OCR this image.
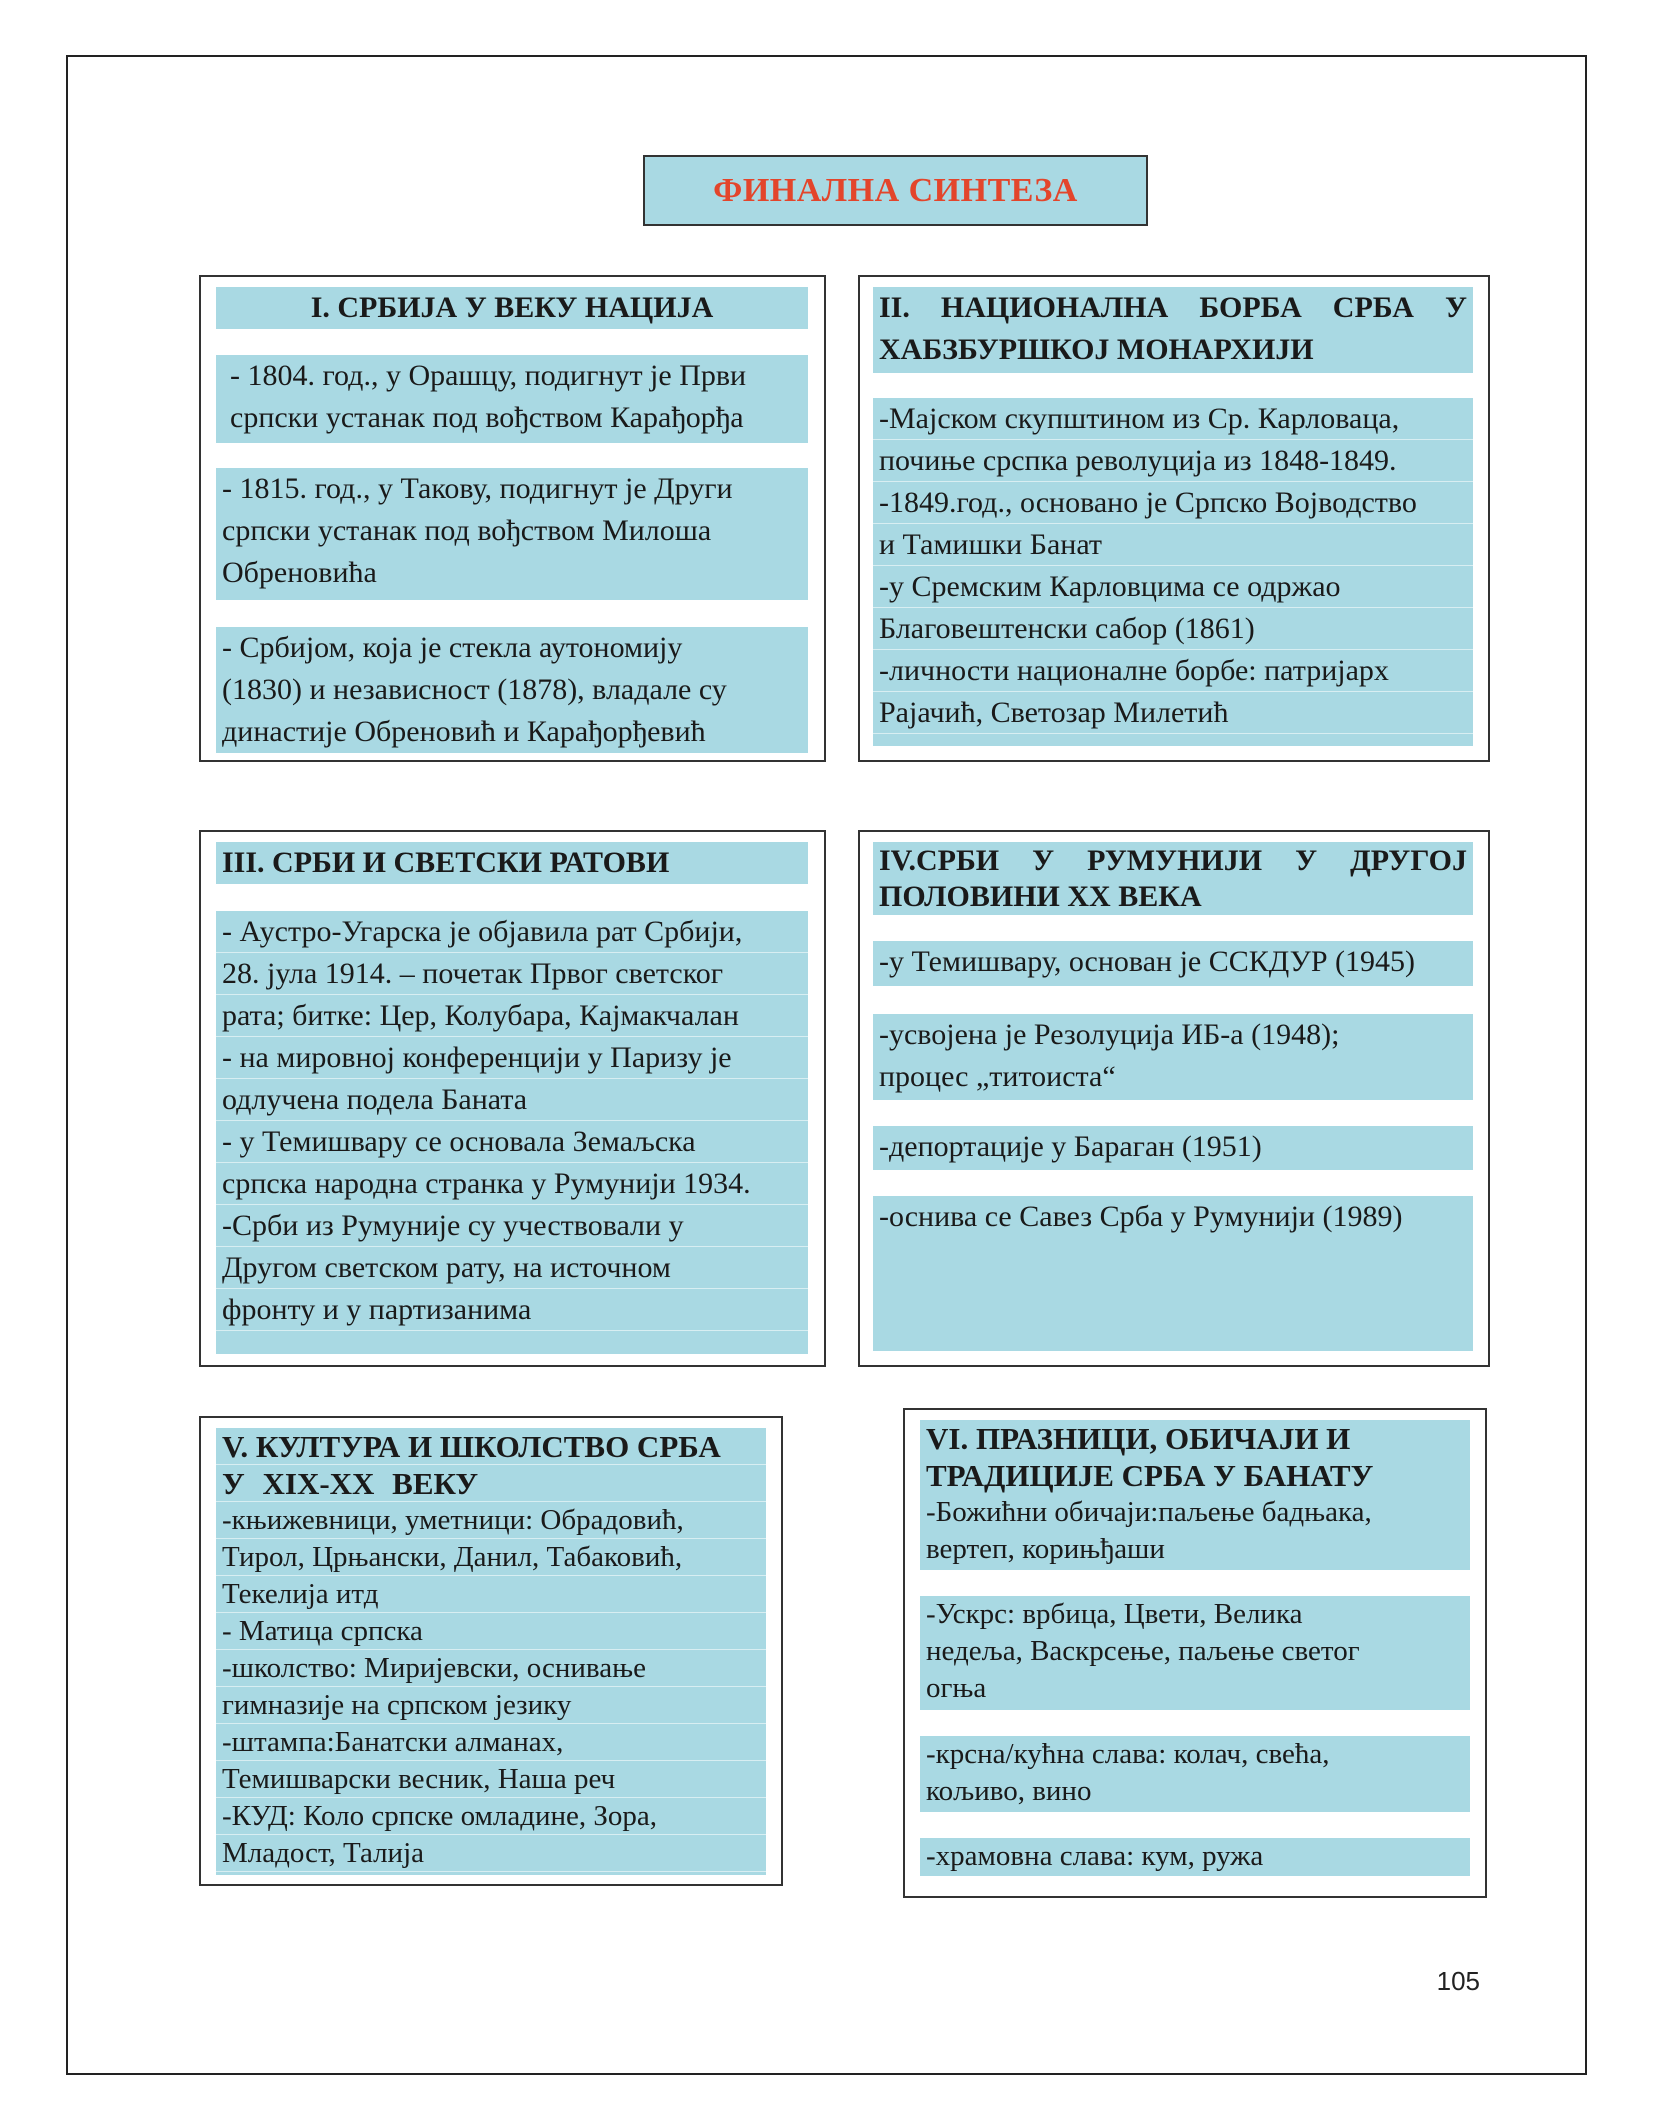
ФИНАЛНА СИНТЕЗА
I. СРБИЈА У ВЕКУ НАЦИЈА
- 1804. год., у Орашцу, подигнут је Први
српски устанак под вођством Карађорђа
- 1815. год., у Такову, подигнут је Други
српски устанак под вођством Милоша
Обреновића
- Србијом, која је стекла аутономију
(1830) и независност (1878), владале су
династије Обреновић и Карађорђевић
II. НАЦИОНАЛНА БОРБА СРБА У
ХАБЗБУРШКОЈ МОНАРХИЈИ
-Мајском скупштином из Ср. Карловаца,
почиње срспка револуција из 1848-1849.
-1849.год., основано је Српско Војводство
и Тамишки Банат
-у Сремским Карловцима се одржао
Благовештенски сабор (1861)
-личности националне борбе: патријарх
Рајачић, Светозар Милетић
III. СРБИ И СВЕТСКИ РАТОВИ
- Аустро-Угарска је објавила рат Србији,
28. јула 1914. – почетак Првог светског
рата; битке: Цер, Колубара, Кајмакчалан
- на мировној конференцији у Паризу је
одлучена подела Баната
- у Темишвару се основала Земаљска
српска народна странка у Румунији 1934.
-Срби из Румуније су учествовали у
Другом светском рату, на источном
фронту и у партизанима
IV.СРБИ У РУМУНИЈИ У ДРУГОЈ
ПОЛОВИНИ XX ВЕКА
-у Темишвару, основан је ССКДУР (1945)
-усвојена је Резолуција ИБ-а (1948);
процес „титоиста“
-депортације у Бараган (1951)
-оснива се Савез Срба у Румунији (1989)
V. КУЛТУРА И ШКОЛСТВО СРБА
У XIX-XX ВЕКУ
-књижевници, уметници: Обрадовић,
Тирол, Црњански, Данил, Табаковић,
Текелија итд
- Матица српска
-школство: Миријевски, оснивање
гимназије на српском језику
-штампа:Банатски алманах,
Темишварски весник, Наша реч
-КУД: Коло српске омладине, Зора,
Младост, Талија
VI. ПРАЗНИЦИ, ОБИЧАЈИ И
ТРАДИЦИЈЕ СРБА У БАНАТУ
-Божићни обичаји:паљење бадњака,
вертеп, корињђаши
-Ускрс: врбица, Цвети, Велика
недеља, Васкрсење, паљење светог
огња
-крсна/кућна слава: колач, свећа,
кољиво, вино
-храмовна слава: кум, ружа
105
